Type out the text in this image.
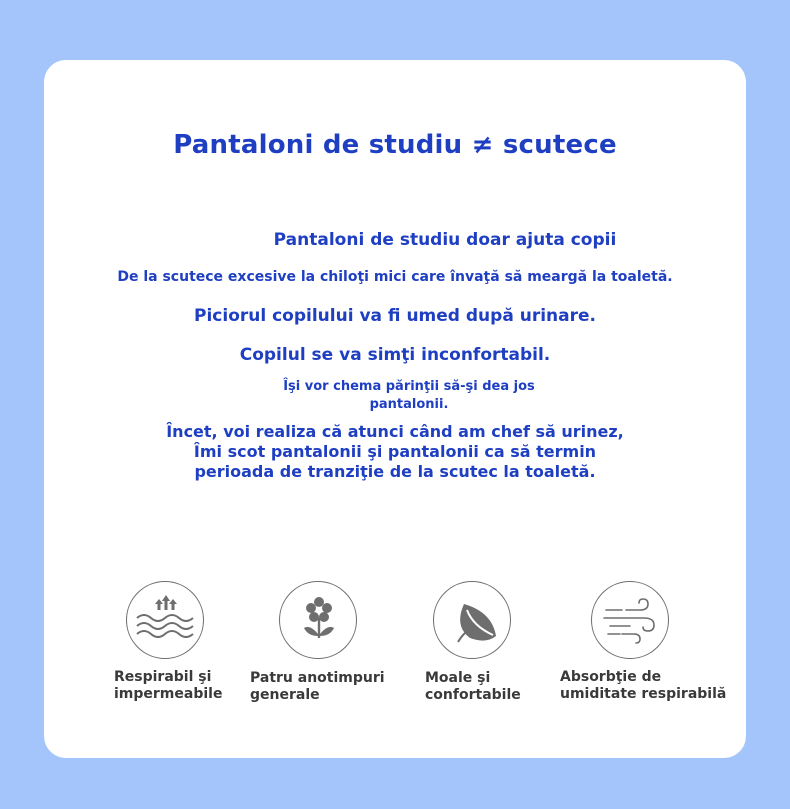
Pantaloni de studiu ≠ scutece
Pantaloni de studiu doar ajuta copii
De la scutece excesive la chiloţi mici care învaţă să meargă la toaletă.
Piciorul copilului va fi umed după urinare.
Copilul se va simţi inconfortabil.
Îşi vor chema părinţii să-şi dea jos
pantalonii.
Încet, voi realiza că atunci când am chef să urinez,
Îmi scot pantalonii şi pantalonii ca să termin
perioada de tranziţie de la scutec la toaletă.
Respirabil şi
impermeabile
Patru anotimpuri
generale
Moale şi
confortabile
Absorbţie de
umiditate respirabilă
